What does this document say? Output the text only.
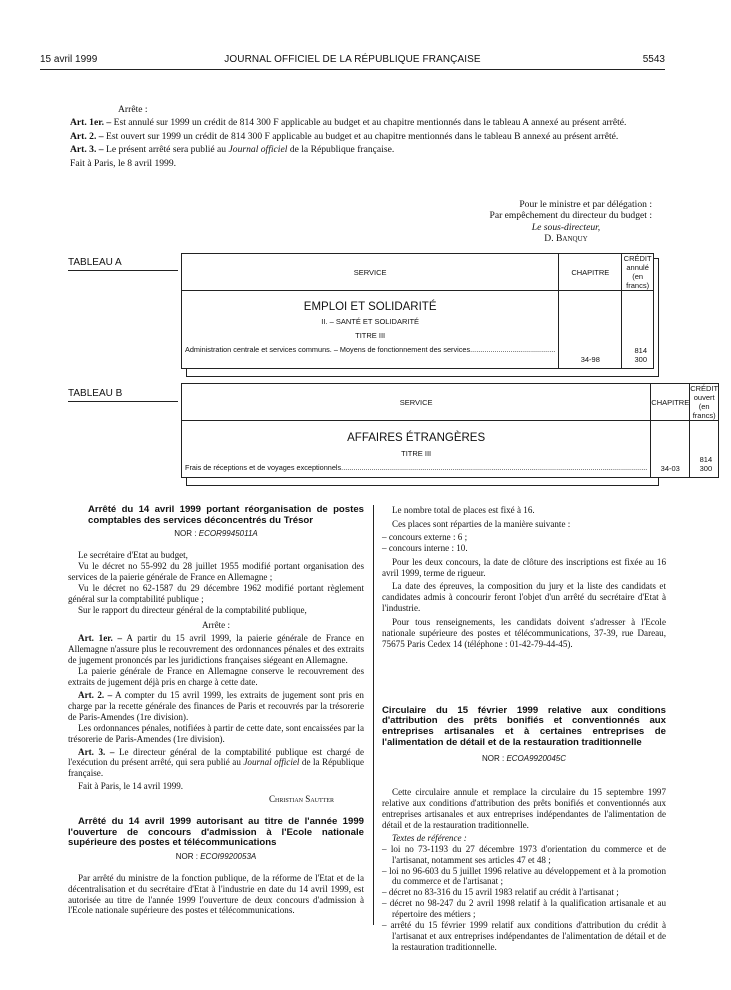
15 avril 1999	JOURNAL OFFICIEL DE LA RÉPUBLIQUE FRANÇAISE	5543

Arrête :

Art. 1er. – Est annulé sur 1999 un crédit de 814 300 F applicable au budget et au chapitre mentionnés dans le tableau A annexé au présent arrêté.

Art. 2. – Est ouvert sur 1999 un crédit de 814 300 F applicable au budget et au chapitre mentionnés dans le tableau B annexé au présent arrêté.

Art. 3. – Le présent arrêté sera publié au Journal officiel de la République française.

Fait à Paris, le 8 avril 1999.

Pour le ministre et par délégation :

Par empêchement du directeur du budget :

Le sous-directeur,

D. Banquy

TABLEAU A
SERVICE	CHAPITRE	CRÉDIT
annulé
(en francs)

EMPLOI ET SOLIDARITÉ
II. – SANTÉ ET SOLIDARITÉ
TITRE III
Administration centrale et services communs. – Moyens de fonctionnement des services..........................................	34-98	814 300
TABLEAU B
SERVICE	CHAPITRE	CRÉDIT
ouvert
(en francs)

AFFAIRES ÉTRANGÈRES
TITRE III
Frais de réceptions et de voyages exceptionnels.......................................................................................................................................................	34-03	814 300
Arrêté du 14 avril 1999 portant réorganisation de postes comptables des services déconcentrés du Trésor
NOR : ECOR9945011A

Le secrétaire d'Etat au budget,

Vu le décret no 55-992 du 28 juillet 1955 modifié portant organisation des services de la paierie générale de France en Allemagne ;

Vu le décret no 62-1587 du 29 décembre 1962 modifié portant règlement général sur la comptabilité publique ;

Sur le rapport du directeur général de la comptabilité publique,

Arrête :

Art. 1er. – A partir du 15 avril 1999, la paierie générale de France en Allemagne n'assure plus le recouvrement des ordonnances pénales et des extraits de jugement prononcés par les juridictions françaises siégeant en Allemagne.

La paierie générale de France en Allemagne conserve le recouvrement des extraits de jugement déjà pris en charge à cette date.

Art. 2. – A compter du 15 avril 1999, les extraits de jugement sont pris en charge par la recette générale des finances de Paris et recouvrés par la trésorerie de Paris-Amendes (1re division).

Les ordonnances pénales, notifiées à partir de cette date, sont encaissées par la trésorerie de Paris-Amendes (1re division).

Art. 3. – Le directeur général de la comptabilité publique est chargé de l'exécution du présent arrêté, qui sera publié au Journal officiel de la République française.

Fait à Paris, le 14 avril 1999.

Christian Sautter

Arrêté du 14 avril 1999 autorisant au titre de l'année 1999 l'ouverture de concours d'admission à l'Ecole nationale supérieure des postes et télécommunications
NOR : ECOI9920053A

Par arrêté du ministre de la fonction publique, de la réforme de l'Etat et de la décentralisation et du secrétaire d'Etat à l'industrie en date du 14 avril 1999, est autorisée au titre de l'année 1999 l'ouverture de deux concours d'admission à l'Ecole nationale supérieure des postes et télécommunications.

Le nombre total de places est fixé à 16.

Ces places sont réparties de la manière suivante :

– concours externe : 6 ;

– concours interne : 10.

Pour les deux concours, la date de clôture des inscriptions est fixée au 16 avril 1999, terme de rigueur.

La date des épreuves, la composition du jury et la liste des candidats et candidates admis à concourir feront l'objet d'un arrêté du secrétaire d'Etat à l'industrie.

Pour tous renseignements, les candidats doivent s'adresser à l'Ecole nationale supérieure des postes et télécommunications, 37-39, rue Dareau, 75675 Paris Cedex 14 (téléphone : 01-42-79-44-45).

Circulaire du 15 février 1999 relative aux conditions d'attribution des prêts bonifiés et conventionnés aux entreprises artisanales et à certaines entreprises de l'alimentation de détail et de la restauration traditionnelle
NOR : ECOA9920045C

Cette circulaire annule et remplace la circulaire du 15 septembre 1997 relative aux conditions d'attribution des prêts bonifiés et conventionnés aux entreprises artisanales et aux entreprises indépendantes de l'alimentation de détail et de la restauration traditionnelle.

Textes de référence :

– loi no 73-1193 du 27 décembre 1973 d'orientation du commerce et de l'artisanat, notamment ses articles 47 et 48 ;

– loi no 96-603 du 5 juillet 1996 relative au développement et à la promotion du commerce et de l'artisanat ;

– décret no 83-316 du 15 avril 1983 relatif au crédit à l'artisanat ;

– décret no 98-247 du 2 avril 1998 relatif à la qualification artisanale et au répertoire des métiers ;

– arrêté du 15 février 1999 relatif aux conditions d'attribution du crédit à l'artisanat et aux entreprises indépendantes de l'alimentation de détail et de la restauration traditionnelle.
